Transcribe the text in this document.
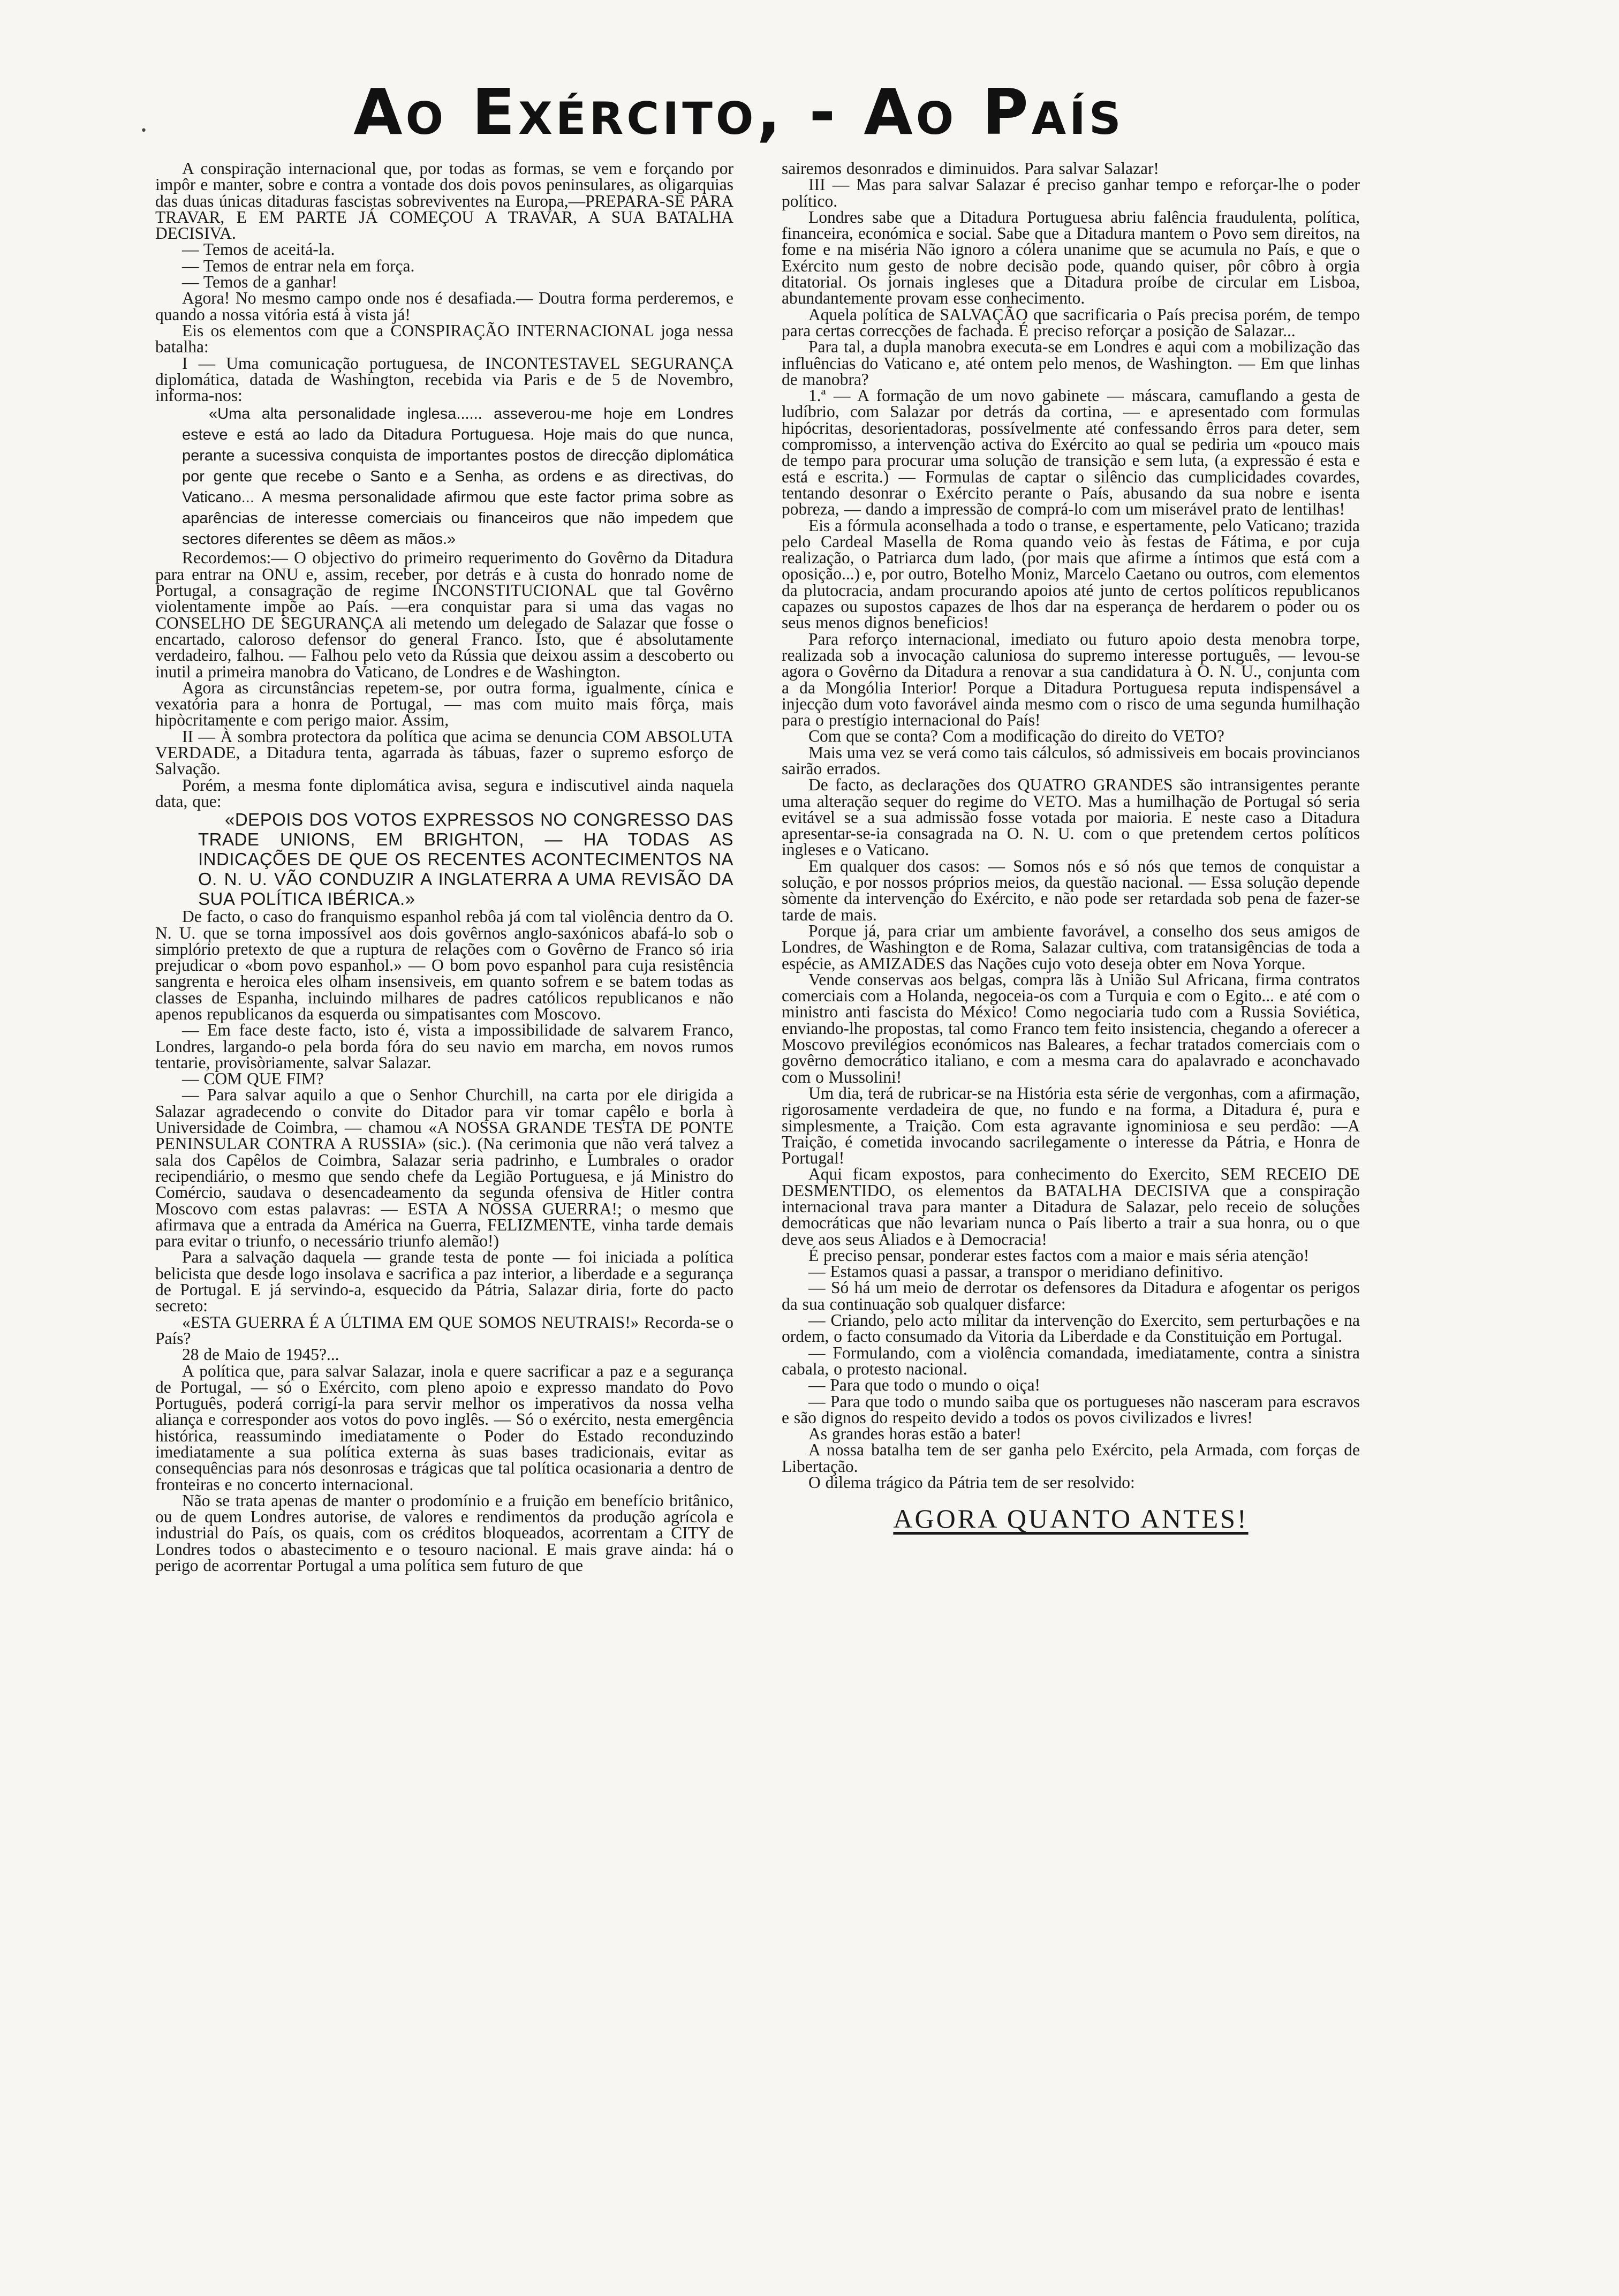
Ao Exército, - Ao País

A conspiração internacional que, por todas as formas, se vem e forçando por impôr e manter, sobre e contra a vontade dos dois povos peninsulares, as oligarquias das duas únicas ditaduras fascistas sobreviventes na Europa,—PREPARA-SE PARA TRAVAR, E EM PARTE JÁ COMEÇOU A TRAVAR, A SUA BATALHA DECISIVA.

— Temos de aceitá-la.

— Temos de entrar nela em força.

— Temos de a ganhar!

Agora! No mesmo campo onde nos é desafiada.— Doutra forma perderemos, e quando a nossa vitória está à vista já!

Eis os elementos com que a CONSPIRAÇÃO INTERNACIONAL joga nessa batalha:

I — Uma comunicação portuguesa, de INCONTESTAVEL SEGURANÇA diplomática, datada de Washington, recebida via Paris e de 5 de Novembro, informa-nos:

«Uma alta personalidade inglesa...... asseverou-me hoje em Londres esteve e está ao lado da Ditadura Portuguesa. Hoje mais do que nunca, perante a sucessiva conquista de importantes postos de direcção diplomática por gente que recebe o Santo e a Senha, as ordens e as directivas, do Vaticano... A mesma personalidade afirmou que este factor prima sobre as aparências de interesse comerciais ou financeiros que não impedem que sectores diferentes se dêem as mãos.»

Recordemos:— O objectivo do primeiro requerimento do Govêrno da Ditadura para entrar na ONU e, assim, receber, por detrás e à custa do honrado nome de Portugal, a consagração de regime INCONSTITUCIONAL que tal Govêrno violentamente impõe ao País. —era conquistar para si uma das vagas no CONSELHO DE SEGURANÇA ali metendo um delegado de Salazar que fosse o encartado, caloroso defensor do general Franco. Isto, que é absolutamente verdadeiro, falhou. — Falhou pelo veto da Rússia que deixou assim a descoberto ou inutil a primeira manobra do Vaticano, de Londres e de Washington.

Agora as circunstâncias repetem-se, por outra forma, igualmente, cínica e vexatória para a honra de Portugal, — mas com muito mais fôrça, mais hipòcritamente e com perigo maior. Assim,

II — À sombra protectora da política que acima se denuncia COM ABSOLUTA VERDADE, a Ditadura tenta, agarrada às tábuas, fazer o supremo esforço de Salvação.

Porém, a mesma fonte diplomática avisa, segura e indiscutivel ainda naquela data, que:

«DEPOIS DOS VOTOS EXPRESSOS NO CONGRESSO DAS TRADE UNIONS, EM BRIGHTON, — HA TODAS AS INDICAÇÕES DE QUE OS RECENTES ACONTECIMENTOS NA O. N. U. VÃO CONDUZIR A INGLATERRA A UMA REVISÃO DA SUA POLÍTICA IBÉRICA.»

De facto, o caso do franquismo espanhol rebôa já com tal violência dentro da O. N. U. que se torna impossível aos dois govêrnos anglo-saxónicos abafá-lo sob o simplório pretexto de que a ruptura de relações com o Govêrno de Franco só iria prejudicar o «bom povo espanhol.» — O bom povo espanhol para cuja resistência sangrenta e heroica eles olham insensiveis, em quanto sofrem e se batem todas as classes de Espanha, incluindo milhares de padres católicos republicanos e não apenos republicanos da esquerda ou simpatisantes com Moscovo.

— Em face deste facto, isto é, vista a impossibilidade de salvarem Franco, Londres, largando-o pela borda fóra do seu navio em marcha, em novos rumos tentarie, provisòriamente, salvar Salazar.

— COM QUE FIM?

— Para salvar aquilo a que o Senhor Churchill, na carta por ele dirigida a Salazar agradecendo o convite do Ditador para vir tomar capêlo e borla à Universidade de Coimbra, — chamou «A NOSSA GRANDE TESTA DE PONTE PENINSULAR CONTRA A RUSSIA» (sic.). (Na cerimonia que não verá talvez a sala dos Capêlos de Coimbra, Salazar seria padrinho, e Lumbrales o orador recipendiário, o mesmo que sendo chefe da Legião Portuguesa, e já Ministro do Comércio, saudava o desencadeamento da segunda ofensiva de Hitler contra Moscovo com estas palavras: — ESTA A NOSSA GUERRA!; o mesmo que afirmava que a entrada da América na Guerra, FELIZMENTE, vinha tarde demais para evitar o triunfo, o necessário triunfo alemão!)

Para a salvação daquela — grande testa de ponte — foi iniciada a política belicista que desde logo insolava e sacrifica a paz interior, a liberdade e a segurança de Portugal. E já servindo-a, esquecido da Pátria, Salazar diria, forte do pacto secreto:

«ESTA GUERRA É A ÚLTIMA EM QUE SOMOS NEUTRAIS!» Recorda-se o País?

28 de Maio de 1945?...

A política que, para salvar Salazar, inola e quere sacrificar a paz e a segurança de Portugal, — só o Exército, com pleno apoio e expresso mandato do Povo Português, poderá corrigí-la para servir melhor os imperativos da nossa velha aliança e corresponder aos votos do povo inglês. — Só o exército, nesta emergência histórica, reassumindo imediatamente o Poder do Estado reconduzindo imediatamente a sua política externa às suas bases tradicionais, evitar as consequências para nós desonrosas e trágicas que tal política ocasionaria a dentro de fronteiras e no concerto internacional.

Não se trata apenas de manter o prodomínio e a fruição em benefício britânico, ou de quem Londres autorise, de valores e rendimentos da produção agrícola e industrial do País, os quais, com os créditos bloqueados, acorrentam a CITY de Londres todos o abastecimento e o tesouro nacional. E mais grave ainda: há o perigo de acorrentar Portugal a uma política sem futuro de que

sairemos desonrados e diminuidos. Para salvar Salazar!

III — Mas para salvar Salazar é preciso ganhar tempo e reforçar-lhe o poder político.

Londres sabe que a Ditadura Portuguesa abriu falência fraudulenta, política, financeira, económica e social. Sabe que a Ditadura mantem o Povo sem direitos, na fome e na miséria Não ignoro a cólera unanime que se acumula no País, e que o Exército num gesto de nobre decisão pode, quando quiser, pôr côbro à orgia ditatorial. Os jornais ingleses que a Ditadura proíbe de circular em Lisboa, abundantemente provam esse conhecimento.

Aquela política de SALVAÇÃO que sacrificaria o País precisa porém, de tempo para certas correcções de fachada. É preciso reforçar a posição de Salazar...

Para tal, a dupla manobra executa-se em Londres e aqui com a mobilização das influências do Vaticano e, até ontem pelo menos, de Washington. — Em que linhas de manobra?

1.ª — A formação de um novo gabinete — máscara, camuflando a gesta de ludíbrio, com Salazar por detrás da cortina, — e apresentado com formulas hipócritas, desorientadoras, possívelmente até confessando êrros para deter, sem compromisso, a intervenção activa do Exército ao qual se pediria um «pouco mais de tempo para procurar uma solução de transição e sem luta, (a expressão é esta e está e escrita.) — Formulas de captar o silêncio das cumplicidades covardes, tentando desonrar o Exército perante o País, abusando da sua nobre e isenta pobreza, — dando a impressão de comprá-lo com um miserável prato de lentilhas!

Eis a fórmula aconselhada a todo o transe, e espertamente, pelo Vaticano; trazida pelo Cardeal Masella de Roma quando veio às festas de Fátima, e por cuja realização, o Patriarca dum lado, (por mais que afirme a íntimos que está com a oposição...) e, por outro, Botelho Moniz, Marcelo Caetano ou outros, com elementos da plutocracia, andam procurando apoios até junto de certos políticos republicanos capazes ou supostos capazes de lhos dar na esperança de herdarem o poder ou os seus menos dignos beneficios!

Para reforço internacional, imediato ou futuro apoio desta menobra torpe, realizada sob a invocação caluniosa do supremo interesse português, — levou-se agora o Govêrno da Ditadura a renovar a sua candidatura à O. N. U., conjunta com a da Mongólia Interior! Porque a Ditadura Portuguesa reputa indispensável a injecção dum voto favorável ainda mesmo com o risco de uma segunda humilhação para o prestígio internacional do País!

Com que se conta? Com a modificação do direito do VETO?

Mais uma vez se verá como tais cálculos, só admissiveis em bocais provincianos sairão errados.

De facto, as declarações dos QUATRO GRANDES são intransigentes perante uma alteração sequer do regime do VETO. Mas a humilhação de Portugal só seria evitável se a sua admissão fosse votada por maioria. E neste caso a Ditadura apresentar-se-ia consagrada na O. N. U. com o que pretendem certos políticos ingleses e o Vaticano.

Em qualquer dos casos: — Somos nós e só nós que temos de conquistar a solução, e por nossos próprios meios, da questão nacional. — Essa solução depende sòmente da intervenção do Exército, e não pode ser retardada sob pena de fazer-se tarde de mais.

Porque já, para criar um ambiente favorável, a conselho dos seus amigos de Londres, de Washington e de Roma, Salazar cultiva, com tratansigências de toda a espécie, as AMIZADES das Nações cujo voto deseja obter em Nova Yorque.

Vende conservas aos belgas, compra lãs à União Sul Africana, firma contratos comerciais com a Holanda, negoceia-os com a Turquia e com o Egito... e até com o ministro anti fascista do México! Como negociaria tudo com a Russia Soviética, enviando-lhe propostas, tal como Franco tem feito insistencia, chegando a oferecer a Moscovo previlégios económicos nas Baleares, a fechar tratados comerciais com o govêrno democrático italiano, e com a mesma cara do apalavrado e aconchavado com o Mussolini!

Um dia, terá de rubricar-se na História esta série de vergonhas, com a afirmação, rigorosamente verdadeira de que, no fundo e na forma, a Ditadura é, pura e simplesmente, a Traição. Com esta agravante ignominiosa e seu perdão: —A Traição, é cometida invocando sacrilegamente o interesse da Pátria, e Honra de Portugal!

Aqui ficam expostos, para conhecimento do Exercito, SEM RECEIO DE DESMENTIDO, os elementos da BATALHA DECISIVA que a conspiração internacional trava para manter a Ditadura de Salazar, pelo receio de soluções democráticas que não levariam nunca o País liberto a trair a sua honra, ou o que deve aos seus Aliados e à Democracia!

É preciso pensar, ponderar estes factos com a maior e mais séria atenção!

— Estamos quasi a passar, a transpor o meridiano definitivo.

— Só há um meio de derrotar os defensores da Ditadura e afogentar os perigos da sua continuação sob qualquer disfarce:

— Criando, pelo acto militar da intervenção do Exercito, sem perturbações e na ordem, o facto consumado da Vitoria da Liberdade e da Constituição em Portugal.

— Formulando, com a violência comandada, imediatamente, contra a sinistra cabala, o protesto nacional.

— Para que todo o mundo o oiça!

— Para que todo o mundo saiba que os portugueses não nasceram para escravos e são dignos do respeito devido a todos os povos civilizados e livres!

As grandes horas estão a bater!

A nossa batalha tem de ser ganha pelo Exército, pela Armada, com forças de Libertação.

O dilema trágico da Pátria tem de ser resolvido:

AGORA QUANTO ANTES!
•
